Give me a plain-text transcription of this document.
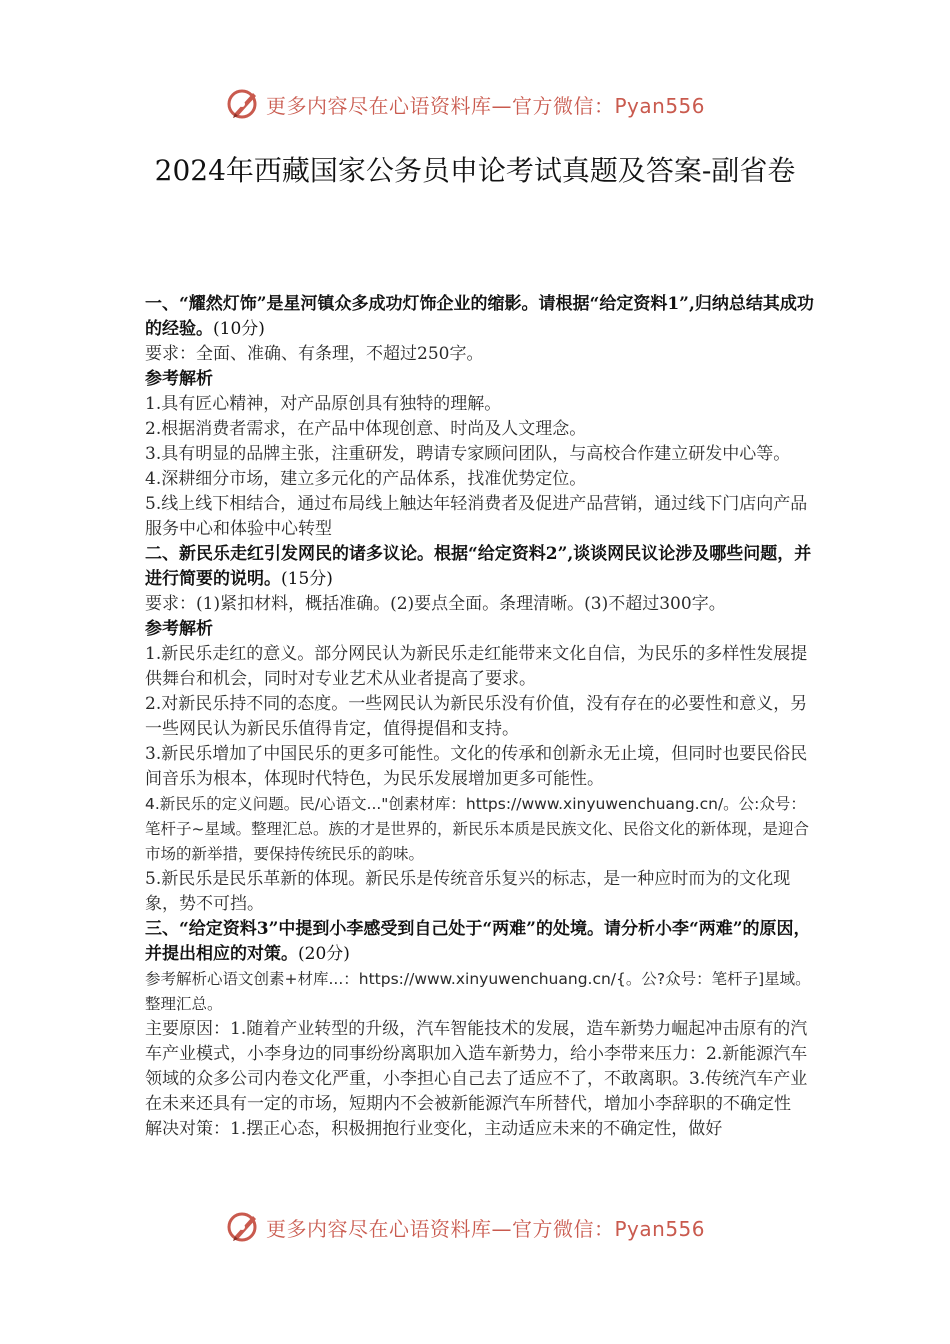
更多内容尽在心语资料库—官方微信：Pyan556
2024年西藏国家公务员申论考试真题及答案-副省卷

一、“耀然灯饰”是星河镇众多成功灯饰企业的缩影。请根据“给定资料1”,归纳总结其成功的经验。(10分)

要求：全面、准确、有条理，不超过250字。

参考解析

1.具有匠心精神，对产品原创具有独特的理解。

2.根据消费者需求，在产品中体现创意、时尚及人文理念。

3.具有明显的品牌主张，注重研发，聘请专家顾问团队，与高校合作建立研发中心等。

4.深耕细分市场，建立多元化的产品体系，找准优势定位。

5.线上线下相结合，通过布局线上触达年轻消费者及促进产品营销，通过线下门店向产品服务中心和体验中心转型

二、新民乐走红引发网民的诸多议论。根据“给定资料2”,谈谈网民议论涉及哪些问题，并进行简要的说明。(15分)

要求：(1)紧扣材料，概括准确。(2)要点全面。条理清晰。(3)不超过300字。

参考解析

1.新民乐走红的意义。部分网民认为新民乐走红能带来文化自信，为民乐的多样性发展提供舞台和机会，同时对专业艺术从业者提高了要求。

2.对新民乐持不同的态度。一些网民认为新民乐没有价值，没有存在的必要性和意义，另一些网民认为新民乐值得肯定，值得提倡和支持。

3.新民乐增加了中国民乐的更多可能性。文化的传承和创新永无止境，但同时也要民俗民间音乐为根本，体现时代特色，为民乐发展增加更多可能性。

4.新民乐的定义问题。民/心语文..."创素材库：https://www.xinyuwenchuang.cn/。公:众号：笔杆子~星域。整理汇总。族的才是世界的，新民乐本质是民族文化、民俗文化的新体现，是迎合市场的新举措，要保持传统民乐的韵味。

5.新民乐是民乐革新的体现。新民乐是传统音乐复兴的标志，是一种应时而为的文化现象，势不可挡。

三、“给定资料3”中提到小李感受到自己处于“两难”的处境。请分析小李“两难”的原因，并提出相应的对策。(20分)

参考解析心语文创素+材库...：https://www.xinyuwenchuang.cn/{。公?众号：笔杆子]星域。整理汇总。

主要原因：1.随着产业转型的升级，汽车智能技术的发展，造车新势力崛起冲击原有的汽车产业模式，小李身边的同事纷纷离职加入造车新势力，给小李带来压力：2.新能源汽车领域的众多公司内卷文化严重，小李担心自己去了适应不了，不敢离职。3.传统汽车产业在未来还具有一定的市场，短期内不会被新能源汽车所替代，增加小李辞职的不确定性

解决对策：1.摆正心态，积极拥抱行业变化，主动适应未来的不确定性，做好

更多内容尽在心语资料库—官方微信：Pyan556
